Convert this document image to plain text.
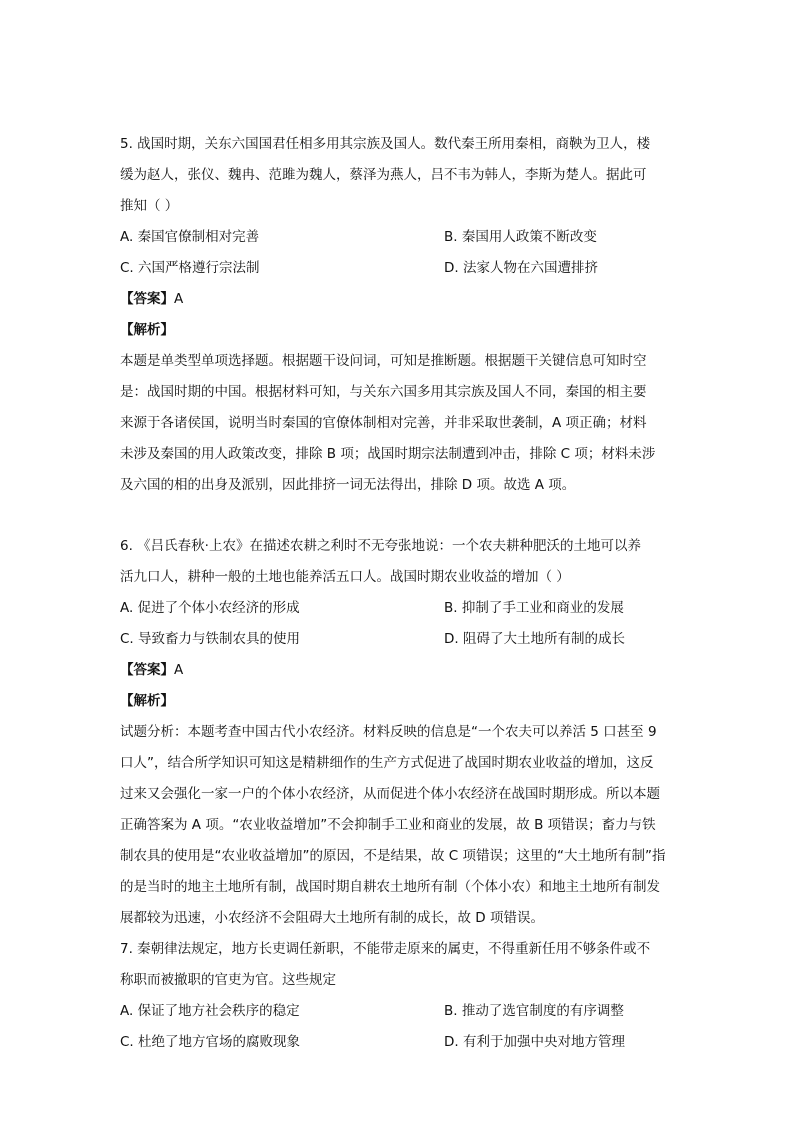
5. 战国时期，关东六国国君任相多用其宗族及国人。数代秦王所用秦相，商鞅为卫人，楼
缓为赵人，张仪、魏冉、范雎为魏人，蔡泽为燕人，吕不韦为韩人，李斯为楚人。据此可
推知（ ）
A. 秦国官僚制相对完善	B. 秦国用人政策不断改变
C. 六国严格遵行宗法制	D. 法家人物在六国遭排挤
【答案】A
【解析】
本题是单类型单项选择题。根据题干设问词，可知是推断题。根据题干关键信息可知时空
是：战国时期的中国。根据材料可知，与关东六国多用其宗族及国人不同，秦国的相主要
来源于各诸侯国，说明当时秦国的官僚体制相对完善，并非采取世袭制，A 项正确；材料
未涉及秦国的用人政策改变，排除 B 项；战国时期宗法制遭到冲击，排除 C 项；材料未涉
及六国的相的出身及派别，因此排挤一词无法得出，排除 D 项。故选 A 项。
6. 《吕氏春秋·上农》在描述农耕之利时不无夸张地说：一个农夫耕种肥沃的土地可以养
活九口人，耕种一般的土地也能养活五口人。战国时期农业收益的增加（ ）
A. 促进了个体小农经济的形成	B. 抑制了手工业和商业的发展
C. 导致畜力与铁制农具的使用	D. 阻碍了大土地所有制的成长
【答案】A
【解析】
试题分析：本题考查中国古代小农经济。材料反映的信息是“一个农夫可以养活 5 口甚至 9
口人”，结合所学知识可知这是精耕细作的生产方式促进了战国时期农业收益的增加，这反
过来又会强化一家一户的个体小农经济，从而促进个体小农经济在战国时期形成。所以本题
正确答案为 A 项。“农业收益增加”不会抑制手工业和商业的发展，故 B 项错误；畜力与铁
制农具的使用是“农业收益增加”的原因，不是结果，故 C 项错误；这里的“大土地所有制”指
的是当时的地主土地所有制，战国时期自耕农土地所有制（个体小农）和地主土地所有制发
展都较为迅速，小农经济不会阻碍大土地所有制的成长，故 D 项错误。
7. 秦朝律法规定，地方长吏调任新职，不能带走原来的属吏，不得重新任用不够条件或不
称职而被撤职的官吏为官。这些规定
A. 保证了地方社会秩序的稳定	B. 推动了选官制度的有序调整
C. 杜绝了地方官场的腐败现象	D. 有利于加强中央对地方管理
